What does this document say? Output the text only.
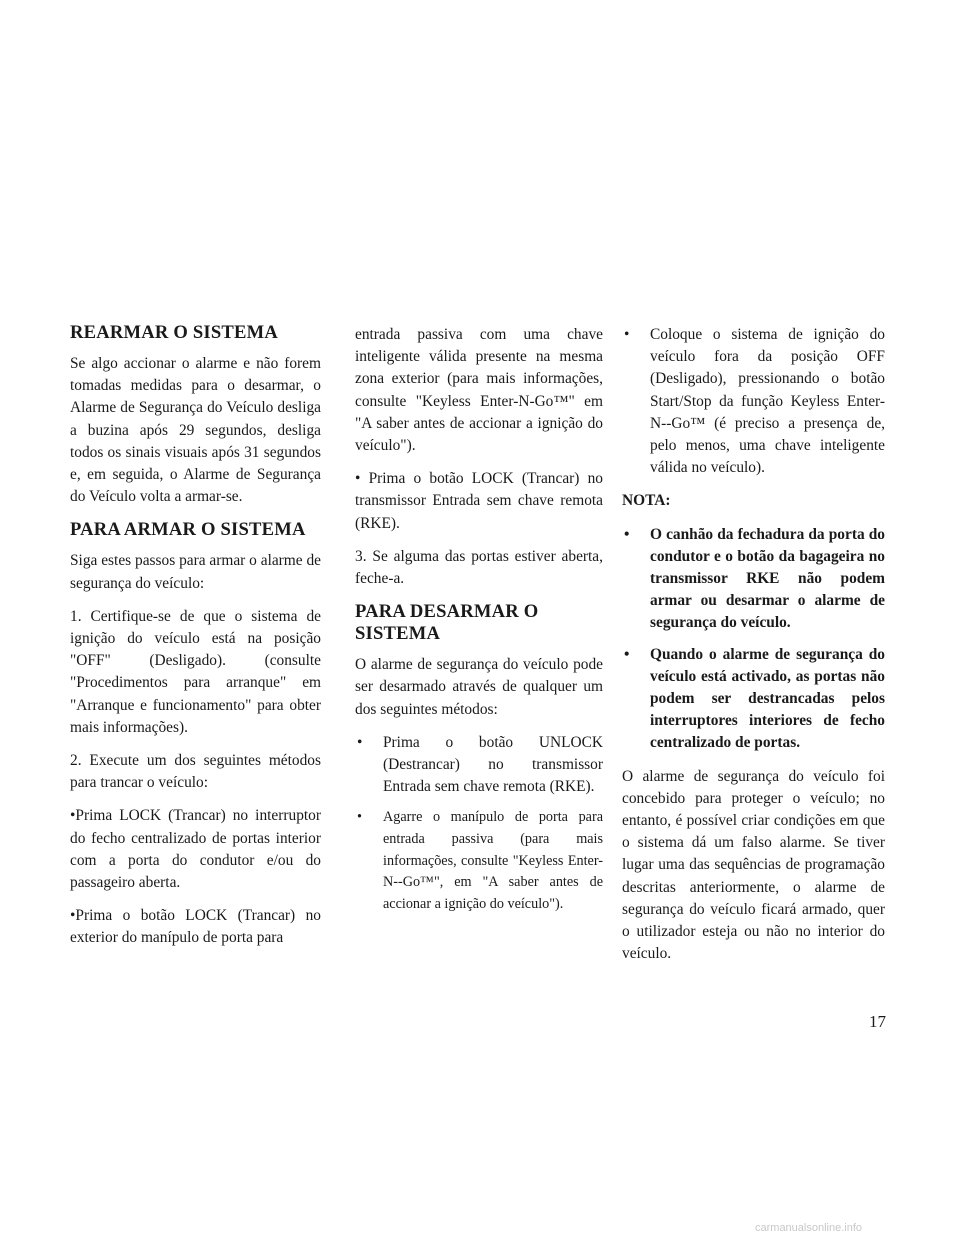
REARMAR O SISTEMA

Se algo accionar o alarme e não forem tomadas medidas para o desarmar, o Alarme de Segurança do Veículo desliga a buzina após 29 segundos, desliga todos os sinais visuais após 31 segundos e, em seguida, o Alarme de Segurança do Veículo volta a armar-se.

PARA ARMAR O SISTEMA

Siga estes passos para armar o alarme de segurança do veículo:

1. Certifique-se de que o sistema de ignição do veículo está na posição "OFF" (Desligado). (consulte "Procedimentos para arranque" em "Arranque e funcionamento" para obter mais informações).

2. Execute um dos seguintes métodos para trancar o veículo:

•Prima LOCK (Trancar) no interruptor do fecho centralizado de portas interior com a porta do condutor e/ou do passageiro aberta.

•Prima o botão LOCK (Trancar) no exterior do manípulo de porta para

entrada passiva com uma chave inteligente válida presente na mesma zona exterior (para mais informações, consulte "Keyless Enter-N-Go™" em "A saber antes de accionar a ignição do veículo").

• Prima o botão LOCK (Trancar) no transmissor Entrada sem chave remota (RKE).

3. Se alguma das portas estiver aberta, feche-a.

PARA DESARMAR O SISTEMA

O alarme de segurança do veículo pode ser desarmado através de qualquer um dos seguintes métodos:

• Prima o botão UNLOCK (Destrancar) no transmissor Entrada sem chave remota (RKE).
• Agarre o manípulo de porta para entrada passiva (para mais informações, consulte "Keyless Enter-N--Go™", em "A saber antes de accionar a ignição do veículo").
• Coloque o sistema de ignição do veículo fora da posição OFF (Desligado), pressionando o botão Start/Stop da função Keyless Enter-N--Go™ (é preciso a presença de, pelo menos, uma chave inteligente válida no veículo).

NOTA:

• O canhão da fechadura da porta do condutor e o botão da bagageira no transmissor RKE não podem armar ou desarmar o alarme de segurança do veículo.
• Quando o alarme de segurança do veículo está activado, as portas não podem ser destrancadas pelos interruptores interiores de fecho centralizado de portas.

O alarme de segurança do veículo foi concebido para proteger o veículo; no entanto, é possível criar condições em que o sistema dá um falso alarme. Se tiver lugar uma das sequências de programação descritas anteriormente, o alarme de segurança do veículo ficará armado, quer o utilizador esteja ou não no interior do veículo.

17
carmanualsonline.info
